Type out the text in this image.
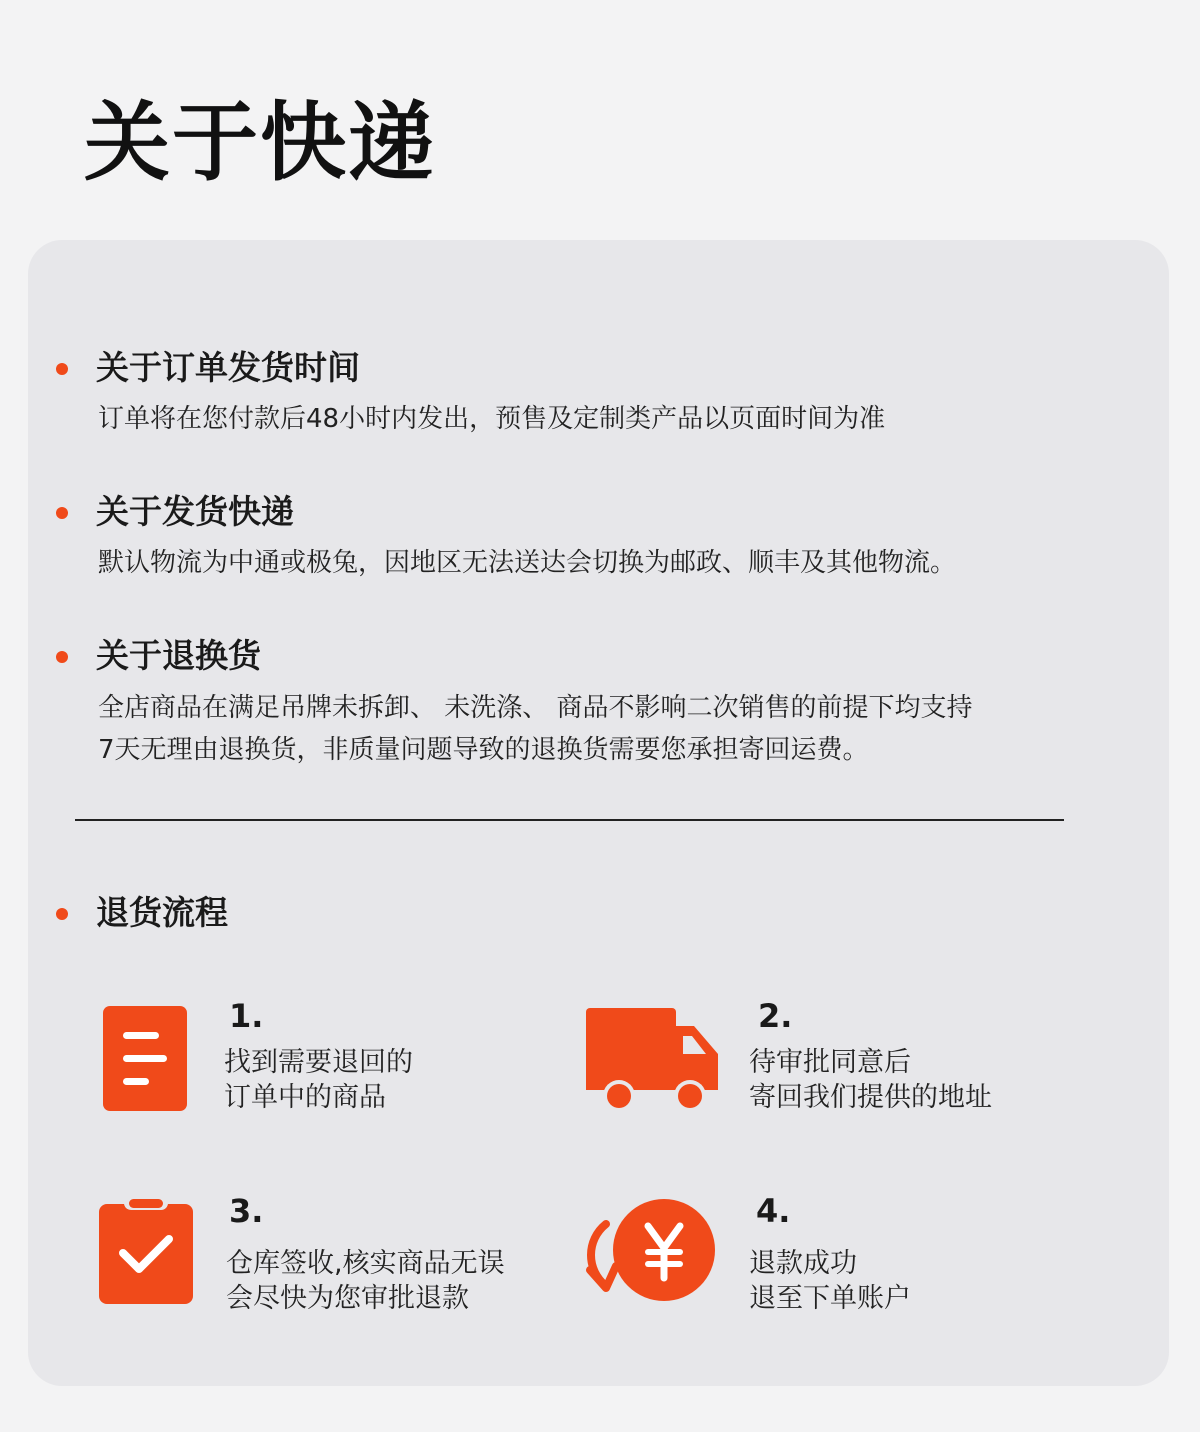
关于快递
关于订单发货时间
订单将在您付款后48小时内发出，预售及定制类产品以页面时间为准
关于发货快递
默认物流为中通或极兔，因地区无法送达会切换为邮政、顺丰及其他物流。
关于退换货
全店商品在满足吊牌未拆卸、 未洗涤、 商品不影响二次销售的前提下均支持
7天无理由退换货，非质量问题导致的退换货需要您承担寄回运费。
退货流程
1.
找到需要退回的
订单中的商品
2.
待审批同意后
寄回我们提供的地址
3.
仓库签收,核实商品无误
会尽快为您审批退款
4.
退款成功
退至下单账户
